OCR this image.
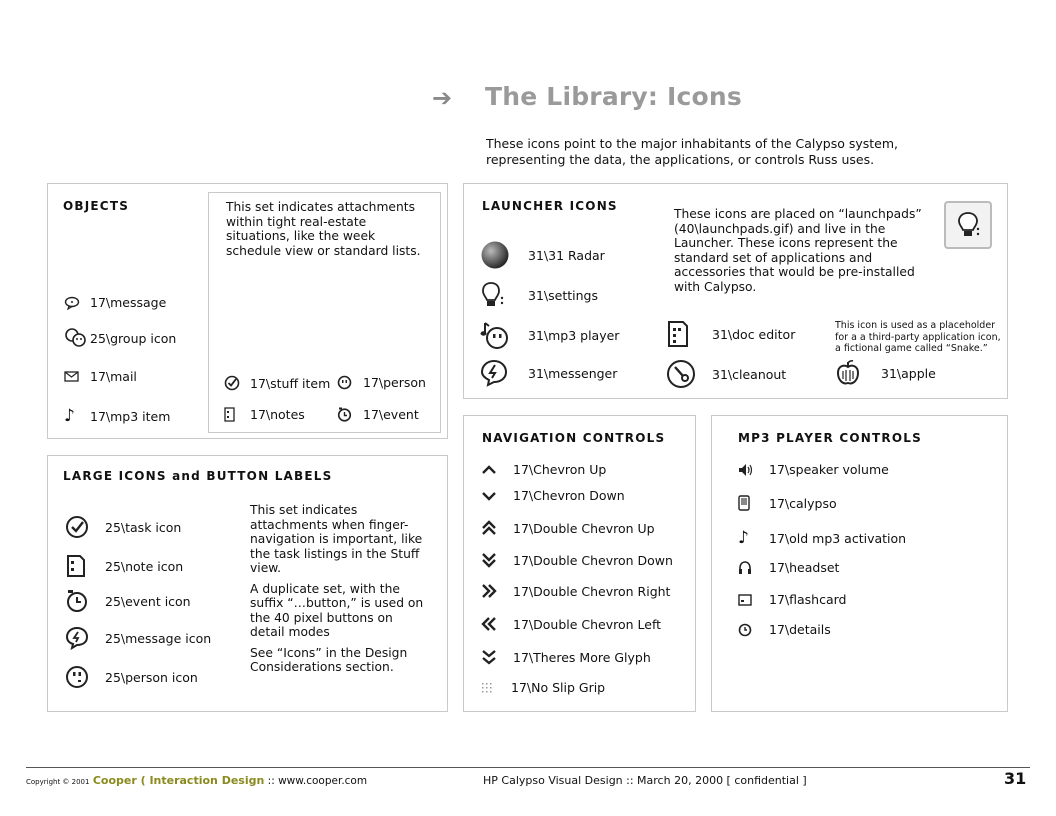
➔ The Library: Icons
These icons point to the major inhabitants of the Calypso system, representing the data, the applications, or controls Russ uses.
OBJECTS
17\message
25\group icon
17\mail
♪	17\mp3 item
This set indicates attachments within tight real-estate situations, like the week schedule view or standard lists.
17\stuff item	17\person
17\notes	17\event
LARGE ICONS and BUTTON LABELS
25\task icon
25\note icon
25\event icon
25\message icon
25\person icon

This set indicates attachments when finger-navigation is important, like the task listings in the Stuff view.

A duplicate set, with the suffix “…button,” is used on the 40 pixel buttons on detail modes

See “Icons” in the Design Considerations section.

LAUNCHER ICONS
These icons are placed on “launchpads” (40\launchpads.gif) and live in the Launcher. These icons represent the standard set of applications and accessories that would be pre-installed with Calypso.
31\31 Radar
31\settings
31\mp3 player
31\messenger
31\doc editor
31\cleanout
This icon is used as a placeholder for a a third-party application icon, a fictional game called “Snake.”
31\apple
NAVIGATION CONTROLS
17\Chevron Up
17\Chevron Down
17\Double Chevron Up
17\Double Chevron Down
17\Double Chevron Right
17\Double Chevron Left
17\Theres More Glyph
17\No Slip Grip
MP3 PLAYER CONTROLS
17\speaker volume
17\calypso
♪	17\old mp3 activation
17\headset
17\flashcard
17\details
Copyright © 2001 Cooper ( Interaction Design :: www.cooper.com	HP Calypso Visual Design :: March 20, 2000 [ confidential ]	31
